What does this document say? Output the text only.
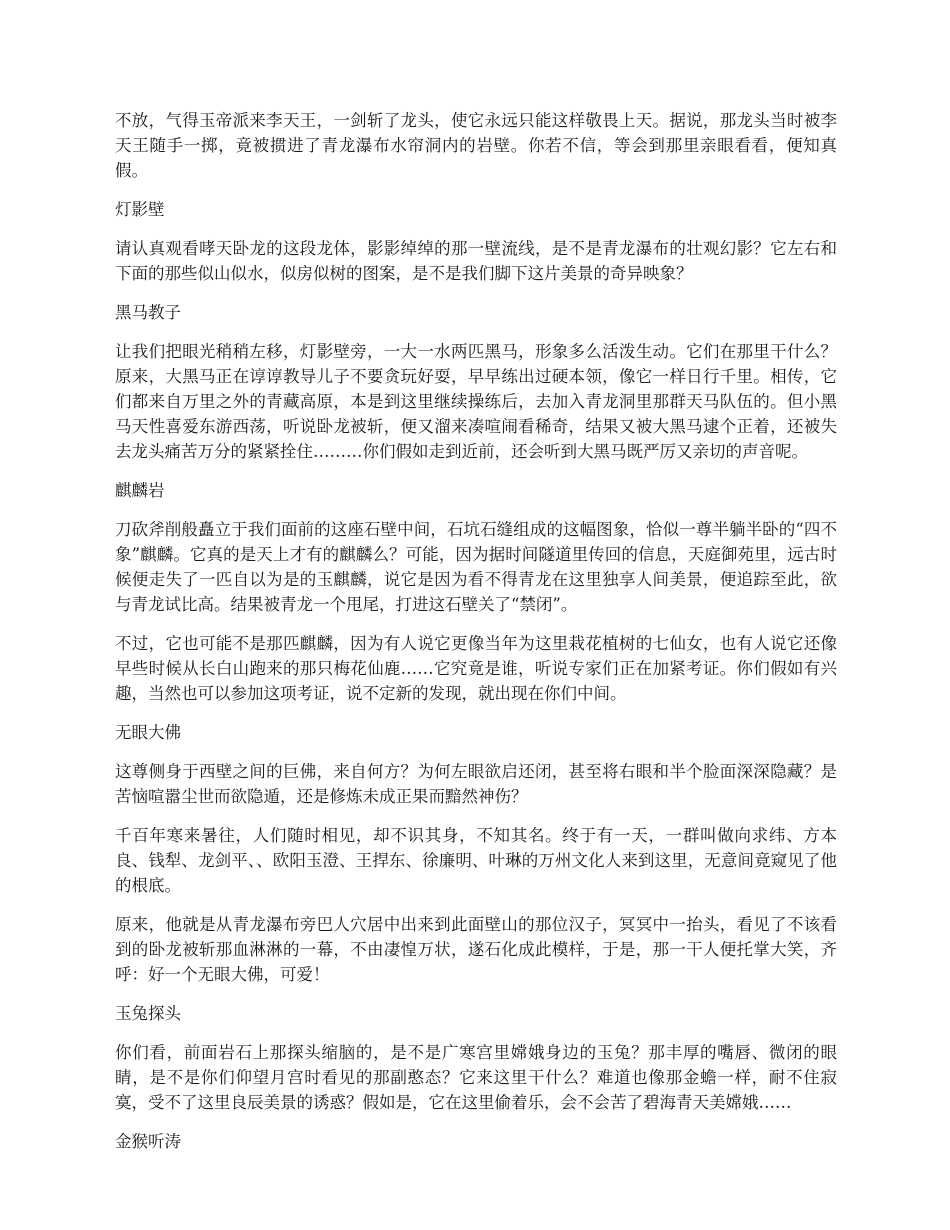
不放，气得玉帝派来李天王，一剑斩了龙头，使它永远只能这样敬畏上天。据说，那龙头当时被李天王随手一掷，竟被掼进了青龙瀑布水帘洞内的岩壁。你若不信，等会到那里亲眼看看，便知真假。

灯影壁

请认真观看哮天卧龙的这段龙体，影影绰绰的那一壁流线，是不是青龙瀑布的壮观幻影？它左右和下面的那些似山似水，似房似树的图案，是不是我们脚下这片美景的奇异映象？

黑马教子

让我们把眼光稍稍左移，灯影壁旁，一大一水两匹黑马，形象多么活泼生动。它们在那里干什么？原来，大黑马正在谆谆教导儿子不要贪玩好耍，早早练出过硬本领，像它一样日行千里。相传，它们都来自万里之外的青藏高原，本是到这里继续操练后，去加入青龙洞里那群天马队伍的。但小黑马天性喜爱东游西荡，听说卧龙被斩，便又溜来凑喧闹看稀奇，结果又被大黑马逮个正着，还被失去龙头痛苦万分的紧紧拴住………你们假如走到近前，还会听到大黑马既严厉又亲切的声音呢。

麒麟岩

刀砍斧削般矗立于我们面前的这座石壁中间，石坑石缝组成的这幅图象，恰似一尊半躺半卧的“四不象”麒麟。它真的是天上才有的麒麟么？可能，因为据时间隧道里传回的信息，天庭御苑里，远古时候便走失了一匹自以为是的玉麒麟，说它是因为看不得青龙在这里独享人间美景，便追踪至此，欲与青龙试比高。结果被青龙一个甩尾，打进这石壁关了“禁闭”。

不过，它也可能不是那匹麒麟，因为有人说它更像当年为这里栽花植树的七仙女，也有人说它还像早些时候从长白山跑来的那只梅花仙鹿……它究竟是谁，听说专家们正在加紧考证。你们假如有兴趣，当然也可以参加这项考证，说不定新的发现，就出现在你们中间。

无眼大佛

这尊侧身于西壁之间的巨佛，来自何方？为何左眼欲启还闭，甚至将右眼和半个脸面深深隐藏？是苦恼喧嚣尘世而欲隐遁，还是修炼未成正果而黯然神伤？

千百年寒来暑往，人们随时相见，却不识其身，不知其名。终于有一天，一群叫做向求纬、方本良、钱犁、龙剑平、、欧阳玉澄、王捍东、徐廉明、叶琳的万州文化人来到这里，无意间竟窥见了他的根底。

原来，他就是从青龙瀑布旁巴人穴居中出来到此面壁山的那位汉子，冥冥中一抬头，看见了不该看到的卧龙被斩那血淋淋的一幕，不由凄惶万状，遂石化成此模样，于是，那一干人便托掌大笑，齐呼：好一个无眼大佛，可爱！

玉兔探头

你们看，前面岩石上那探头缩脑的，是不是广寒宫里嫦娥身边的玉兔？那丰厚的嘴唇、微闭的眼睛，是不是你们仰望月宫时看见的那副憨态？它来这里干什么？难道也像那金蟾一样，耐不住寂寞，受不了这里良辰美景的诱惑？假如是，它在这里偷着乐，会不会苦了碧海青天美嫦娥……

金猴听涛
